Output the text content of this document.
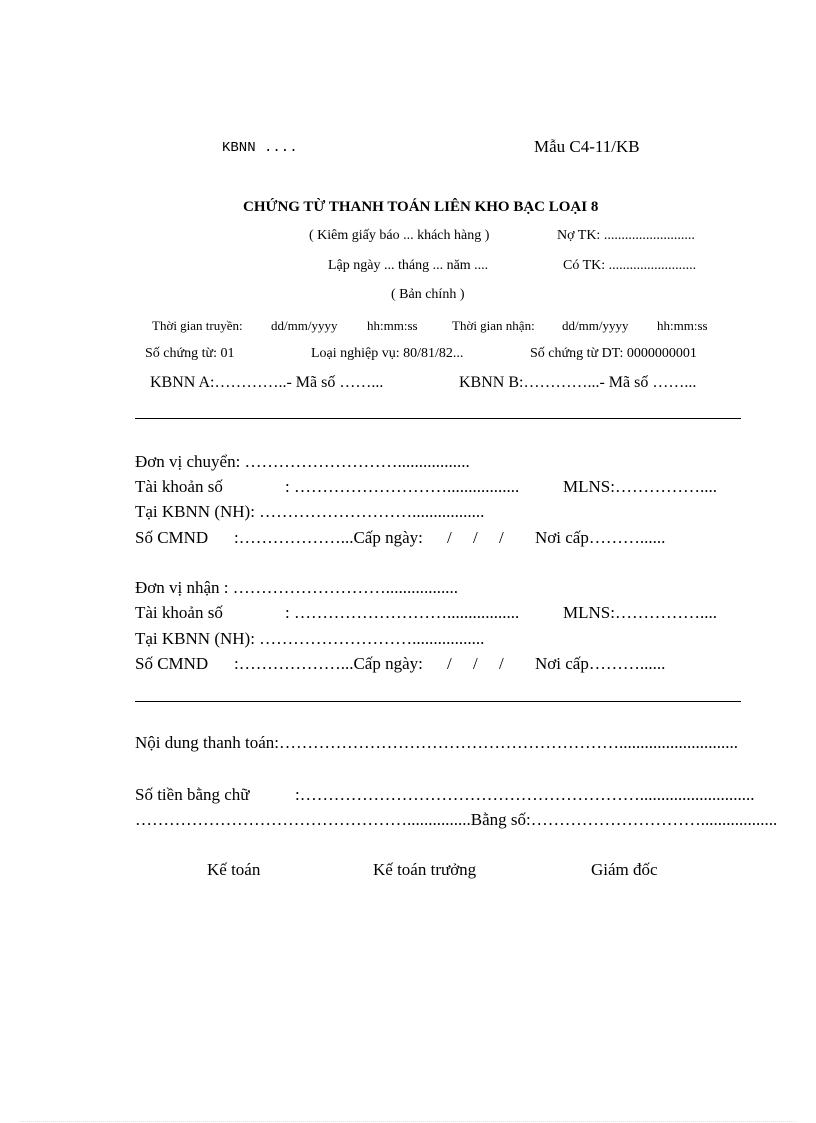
KBNN ....	Mẫu C4-11/KB
CHỨNG TỪ THANH TOÁN LIÊN KHO BẠC LOẠI 8
( Kiêm giấy báo ... khách hàng )	Nợ TK: ..........................
Lập ngày ... tháng ... năm ....	Có TK: .........................
( Bản chính )
Thời gian truyền: dd/mm/yyyy hh:mm:ss	Thời gian nhận: dd/mm/yyyy hh:mm:ss
Số chứng từ: 01	Loại nghiệp vụ: 80/81/82...	Số chứng từ DT: 0000000001
KBNN A:…………..- Mã số ……...	KBNN B:…………...- Mã số ……...
Đơn vị chuyển: ……………………….................
Tài khoản số	: ……………………….................	MLNS:……………....
Tại KBNN (NH): ……………………….................
Số CMND :………………...Cấp ngày: /     /     / Nơi cấp………......
Đơn vị nhận : ……………………….................
Tài khoản số	: ……………………….................	MLNS:……………....
Tại KBNN (NH): ……………………….................
Số CMND :………………...Cấp ngày: /     /     / Nơi cấp………......
Nội dung thanh toán:……………………………………………………............................
Số tiền bằng chữ	:……………………………………………………...........................
…………………………………………...............Bằng số:…………………………..................
Kế toán	Kế toán trưởng	Giám đốc
